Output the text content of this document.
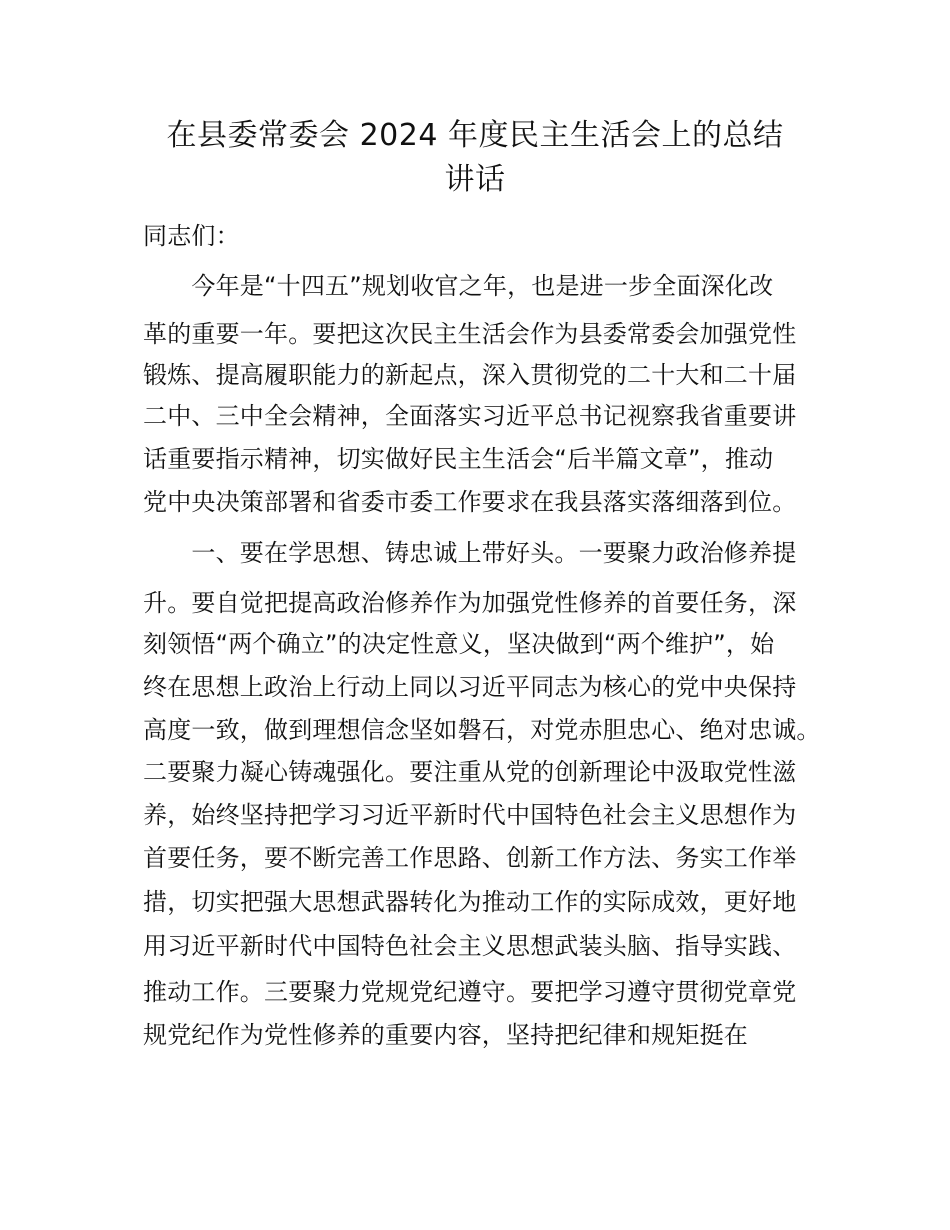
在县委常委会 2024 年度民主生活会上的总结
讲话

同志们：

　　今年是“十四五”规划收官之年，也是进一步全面深化改

革的重要一年。要把这次民主生活会作为县委常委会加强党性

锻炼、提高履职能力的新起点，深入贯彻党的二十大和二十届

二中、三中全会精神，全面落实习近平总书记视察我省重要讲

话重要指示精神，切实做好民主生活会“后半篇文章”，推动

党中央决策部署和省委市委工作要求在我县落实落细落到位。

　　一、要在学思想、铸忠诚上带好头。一要聚力政治修养提

升。要自觉把提高政治修养作为加强党性修养的首要任务，深

刻领悟“两个确立”的决定性意义，坚决做到“两个维护”，始

终在思想上政治上行动上同以习近平同志为核心的党中央保持

高度一致，做到理想信念坚如磐石，对党赤胆忠心、绝对忠诚。

二要聚力凝心铸魂强化。要注重从党的创新理论中汲取党性滋

养，始终坚持把学习习近平新时代中国特色社会主义思想作为

首要任务，要不断完善工作思路、创新工作方法、务实工作举

措，切实把强大思想武器转化为推动工作的实际成效，更好地

用习近平新时代中国特色社会主义思想武装头脑、指导实践、

推动工作。三要聚力党规党纪遵守。要把学习遵守贯彻党章党

规党纪作为党性修养的重要内容，坚持把纪律和规矩挺在
